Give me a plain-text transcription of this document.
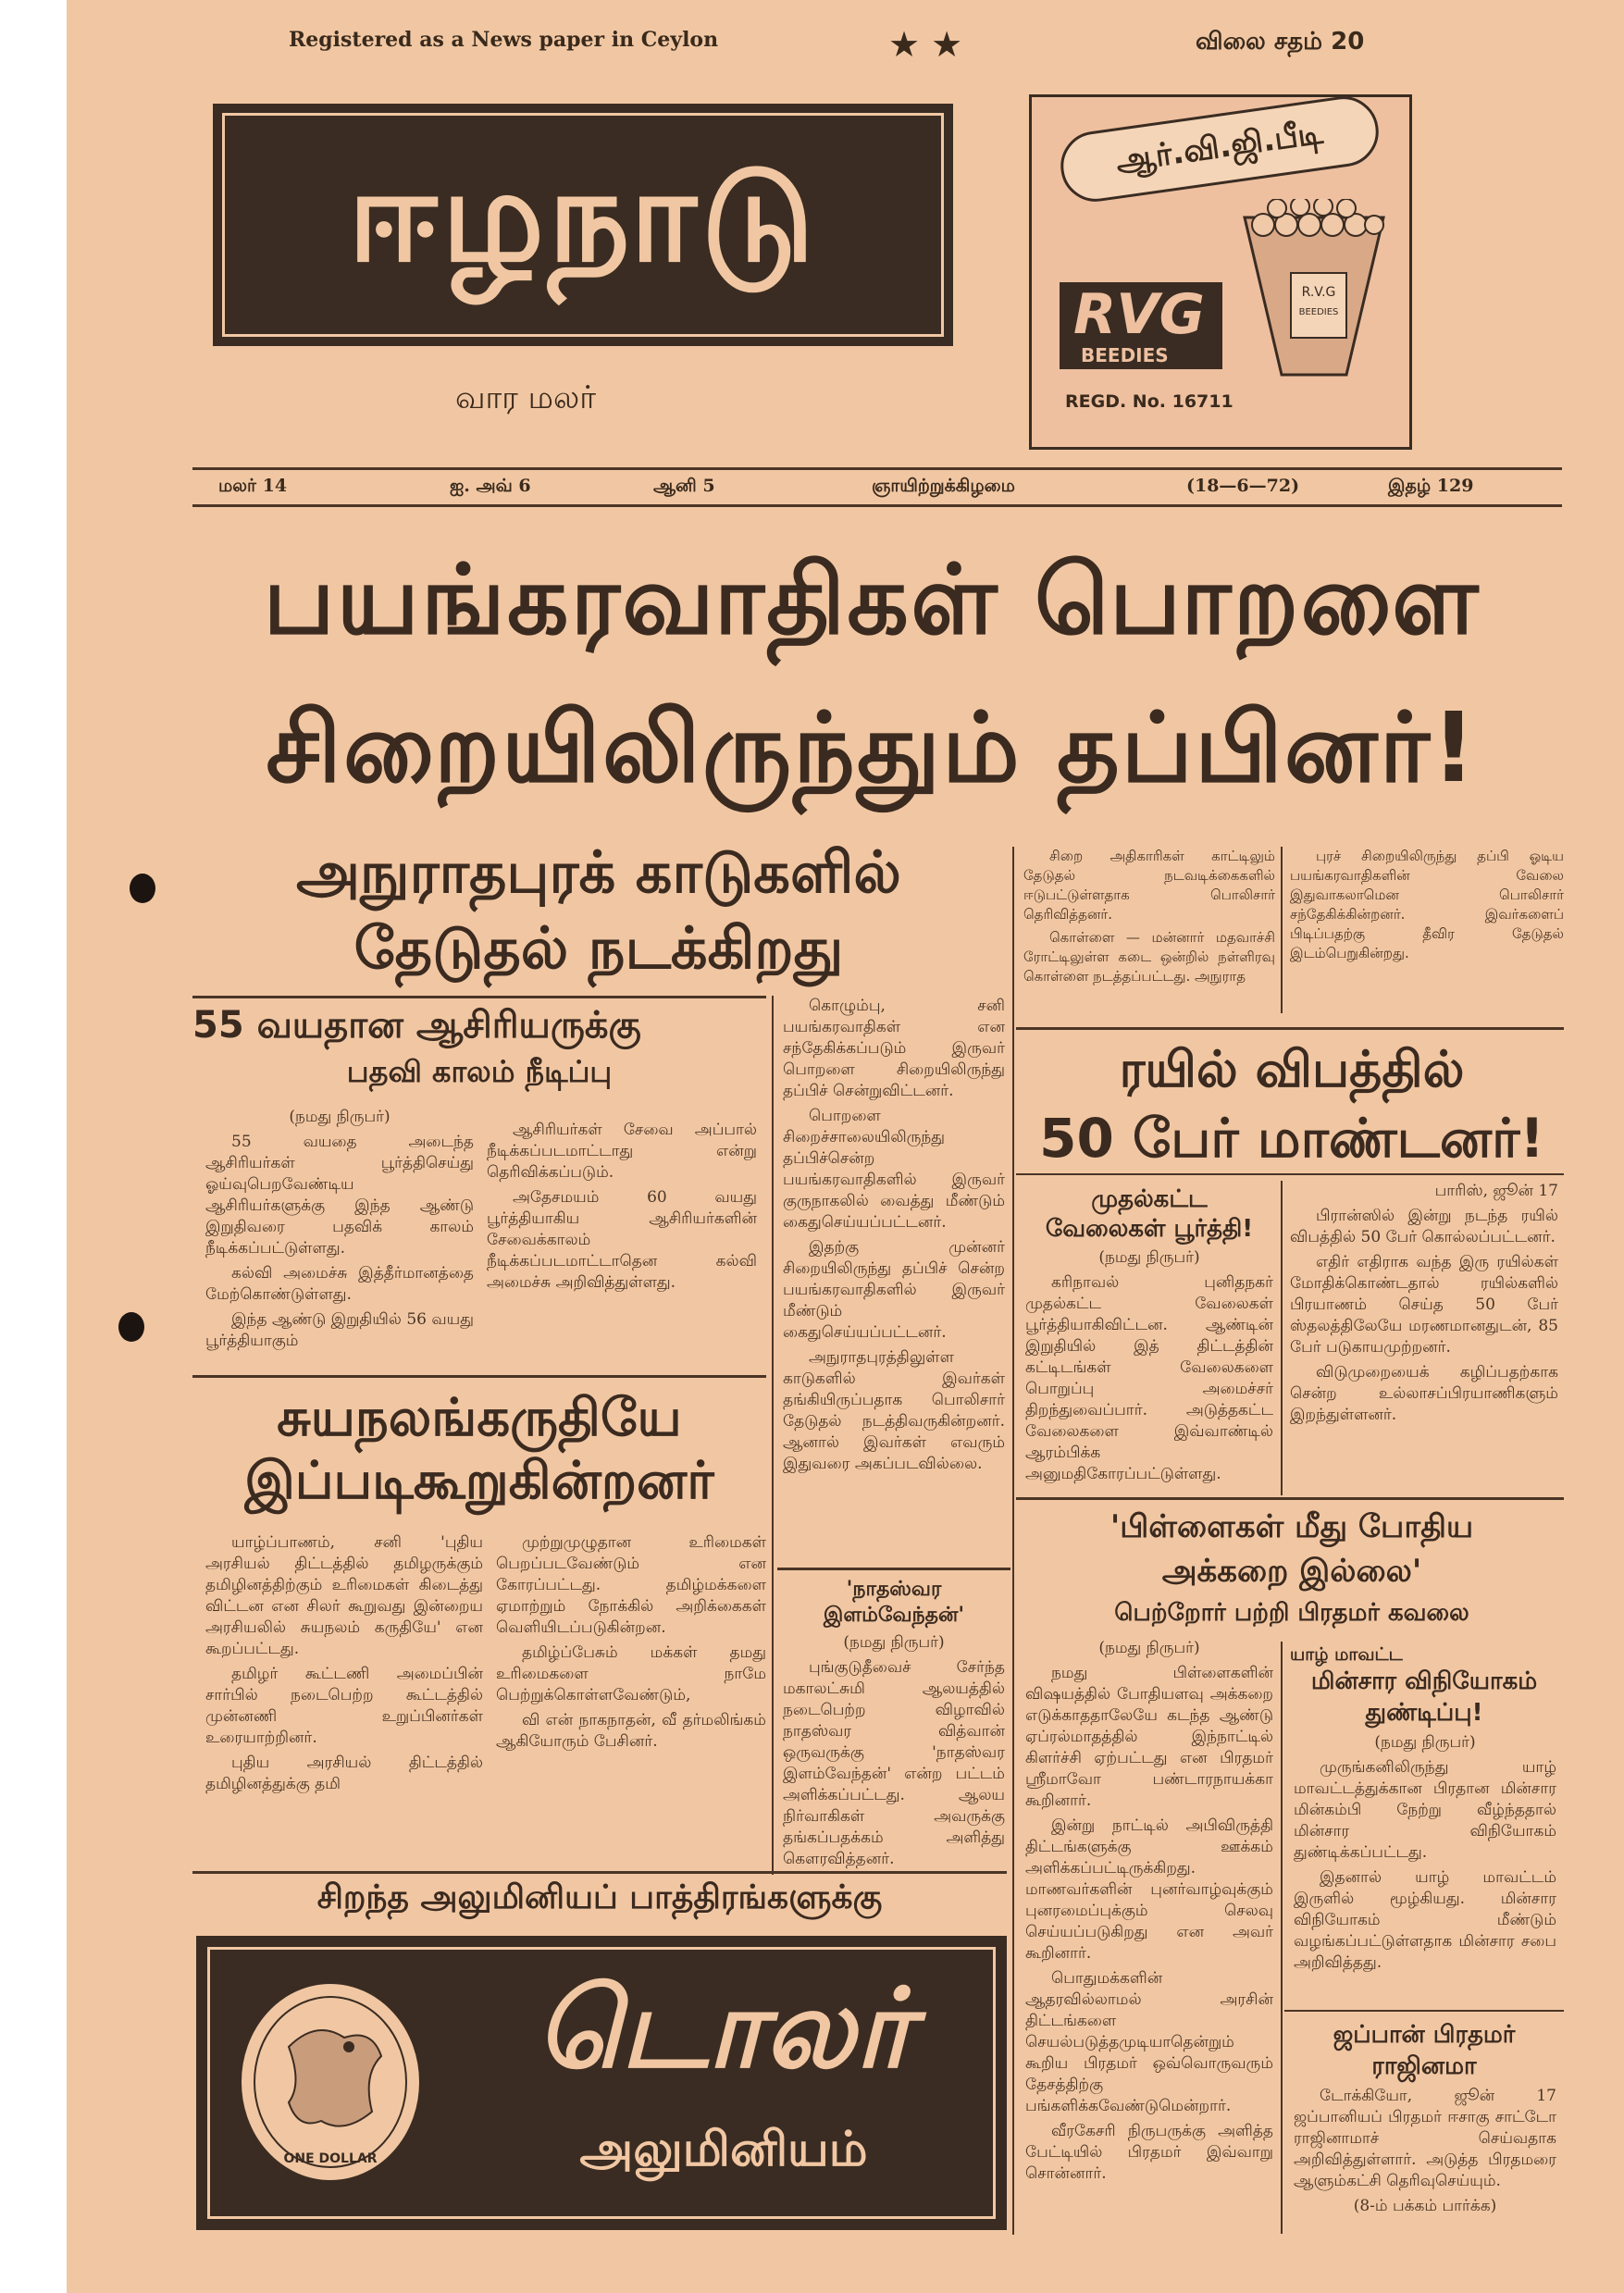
Registered as a News paper in Ceylon	★ ★	விலை சதம் 20
ஈழநாடு
வார மலர்
ஆர்.வி.ஜி.பீடி
R.V.G
BEEDIES
RVG
BEEDIES
REGD. No. 16711
மலர் 14	ஐ. அவ் 6	ஆனி 5	ஞாயிற்றுக்கிழமை	(18—6—72)	இதழ் 129
பயங்கரவாதிகள் பொறளை
சிறையிலிருந்தும் தப்பினர்!
அநுராதபுரக் காடுகளில்
தேடுதல் நடக்கிறது

சிறை அதிகாரிகள் காட்டிலும் தேடுதல் நடவடிக்கைகளில் ஈடுபட்டுள்ளதாக பொலிசார் தெரிவித்தனர்.

கொள்ளை — மன்னார் மதவாச்சி ரோட்டிலுள்ள கடை ஒன்றில் நள்ளிரவு கொள்ளை நடத்தப்பட்டது. அநுராத

புரச் சிறையிலிருந்து தப்பி ஓடிய பயங்கரவாதிகளின் வேலை இதுவாகலாமென பொலிசார் சந்தேகிக்கின்றனர். இவர்களைப் பிடிப்பதற்கு தீவிர தேடுதல் இடம்பெறுகின்றது.

55 வயதான ஆசிரியருக்கு
பதவி காலம் நீடிப்பு
(நமது நிருபர்)

55 வயதை அடைந்த ஆசிரியர்கள் பூர்த்திசெய்து ஓய்வுபெறவேண்டிய ஆசிரியர்களுக்கு இந்த ஆண்டு இறுதிவரை பதவிக் காலம் நீடிக்கப்பட்டுள்ளது.

கல்வி அமைச்சு இத்தீர்மானத்தை மேற்கொண்டுள்ளது.

இந்த ஆண்டு இறுதியில் 56 வயது பூர்த்தியாகும்

ஆசிரியர்கள் சேவை அப்பால் நீடிக்கப்படமாட்டாது என்று தெரிவிக்கப்படும்.

அதேசமயம் 60 வயது பூர்த்தியாகிய ஆசிரியர்களின் சேவைக்காலம் நீடிக்கப்படமாட்டாதென கல்வி அமைச்சு அறிவித்துள்ளது.

சுயநலங்கருதியே
இப்படிகூறுகின்றனர்

யாழ்ப்பாணம், சனி 'புதிய அரசியல் திட்டத்தில் தமிழருக்கும் தமிழினத்திற்கும் உரிமைகள் கிடைத்து விட்டன என சிலர் கூறுவது இன்றைய அரசியலில் சுயநலம் கருதியே' என கூறப்பட்டது.

தமிழர் கூட்டணி அமைப்பின் சார்பில் நடைபெற்ற கூட்டத்தில் முன்னணி உறுப்பினர்கள் உரையாற்றினர்.

புதிய அரசியல் திட்டத்தில் தமிழினத்துக்கு தமி

முற்றுமுழுதான உரிமைகள் பெறப்படவேண்டும் என கோரப்பட்டது. தமிழ்மக்களை ஏமாற்றும் நோக்கில் அறிக்கைகள் வெளியிடப்படுகின்றன.

தமிழ்ப்பேசும் மக்கள் தமது உரிமைகளை நாமே பெற்றுக்கொள்ளவேண்டும்,

வி என் நாகநாதன், வீ தர்மலிங்கம் ஆகியோரும் பேசினர்.

கொழும்பு, சனி பயங்கரவாதிகள் என சந்தேகிக்கப்படும் இருவர் பொறளை சிறையிலிருந்து தப்பிச் சென்றுவிட்டனர்.

பொறளை சிறைச்சாலையிலிருந்து தப்பிச்சென்ற பயங்கரவாதிகளில் இருவர் குருநாகலில் வைத்து மீண்டும் கைதுசெய்யப்பட்டனர்.

இதற்கு முன்னர் சிறையிலிருந்து தப்பிச் சென்ற பயங்கரவாதிகளில் இருவர் மீண்டும் கைதுசெய்யப்பட்டனர்.

அநுராதபுரத்திலுள்ள காடுகளில் இவர்கள் தங்கியிருப்பதாக பொலிசார் தேடுதல் நடத்திவருகின்றனர். ஆனால் இவர்கள் எவரும் இதுவரை அகப்படவில்லை.

'நாதஸ்வர
இளம்வேந்தன்'
(நமது நிருபர்)

புங்குடுதீவைச் சேர்ந்த மகாலட்சுமி ஆலயத்தில் நடைபெற்ற விழாவில் நாதஸ்வர வித்வான் ஒருவருக்கு 'நாதஸ்வர இளம்வேந்தன்' என்ற பட்டம் அளிக்கப்பட்டது. ஆலய நிர்வாகிகள் அவருக்கு தங்கப்பதக்கம் அளித்து கௌரவித்தனர்.

ரயில் விபத்தில்
50 பேர் மாண்டனர்!
முதல்கட்ட
வேலைகள் பூர்த்தி!
(நமது நிருபர்)

கரிநாவல் புனிதநகர் முதல்கட்ட வேலைகள் பூர்த்தியாகிவிட்டன. ஆண்டின் இறுதியில் இத் திட்டத்தின் கட்டிடங்கள் வேலைகளை பொறுப்பு அமைச்சர் திறந்துவைப்பார். அடுத்தகட்ட வேலைகளை இவ்வாண்டில் ஆரம்பிக்க அனுமதிகோரப்பட்டுள்ளது.

பாரிஸ், ஜூன் 17

பிரான்ஸில் இன்று நடந்த ரயில் விபத்தில் 50 பேர் கொல்லப்பட்டனர்.

எதிர் எதிராக வந்த இரு ரயில்கள் மோதிக்கொண்டதால் ரயில்களில் பிரயாணம் செய்த 50 பேர் ஸ்தலத்திலேயே மரணமானதுடன், 85 பேர் படுகாயமுற்றனர்.

விடுமுறையைக் கழிப்பதற்காக சென்ற உல்லாசப்பிரயாணிகளும் இறந்துள்ளனர்.

'பிள்ளைகள் மீது போதிய
அக்கறை இல்லை'
பெற்றோர் பற்றி பிரதமர் கவலை
(நமது நிருபர்)

நமது பிள்ளைகளின் விஷயத்தில் போதியளவு அக்கறை எடுக்காததாலேயே கடந்த ஆண்டு ஏப்ரல்மாதத்தில் இந்நாட்டில் கிளர்ச்சி ஏற்பட்டது என பிரதமர் ஸ்ரீமாவோ பண்டாரநாயக்கா கூறினார்.

இன்று நாட்டில் அபிவிருத்தி திட்டங்களுக்கு ஊக்கம் அளிக்கப்பட்டிருக்கிறது. மாணவர்களின் புனர்வாழ்வுக்கும் புனரமைப்புக்கும் செலவு செய்யப்படுகிறது என அவர் கூறினார்.

பொதுமக்களின் ஆதரவில்லாமல் அரசின் திட்டங்களை செயல்படுத்தமுடியாதென்றும் கூறிய பிரதமர் ஒவ்வொருவரும் தேசத்திற்கு பங்களிக்கவேண்டுமென்றார்.

வீரகேசரி நிருபருக்கு அளித்த பேட்டியில் பிரதமர் இவ்வாறு சொன்னார்.

யாழ் மாவட்ட
மின்சார விநியோகம்
துண்டிப்பு!
(நமது நிருபர்)

முருங்கனிலிருந்து யாழ் மாவட்டத்துக்கான பிரதான மின்சார மின்கம்பி நேற்று வீழ்ந்ததால் மின்சார விநியோகம் துண்டிக்கப்பட்டது.

இதனால் யாழ் மாவட்டம் இருளில் மூழ்கியது. மின்சார விநியோகம் மீண்டும் வழங்கப்பட்டுள்ளதாக மின்சார சபை அறிவித்தது.

ஜப்பான் பிரதமர்
ராஜினமா

டோக்கியோ, ஜூன் 17 ஜப்பானியப் பிரதமர் ஈசாகு சாட்டோ ராஜினாமாச் செய்வதாக அறிவித்துள்ளார். அடுத்த பிரதமரை ஆளும்கட்சி தெரிவுசெய்யும்.

(8-ம் பக்கம் பார்க்க)

சிறந்த அலுமினியப் பாத்திரங்களுக்கு
ONE DOLLAR
டொலர்
அலுமினியம்
